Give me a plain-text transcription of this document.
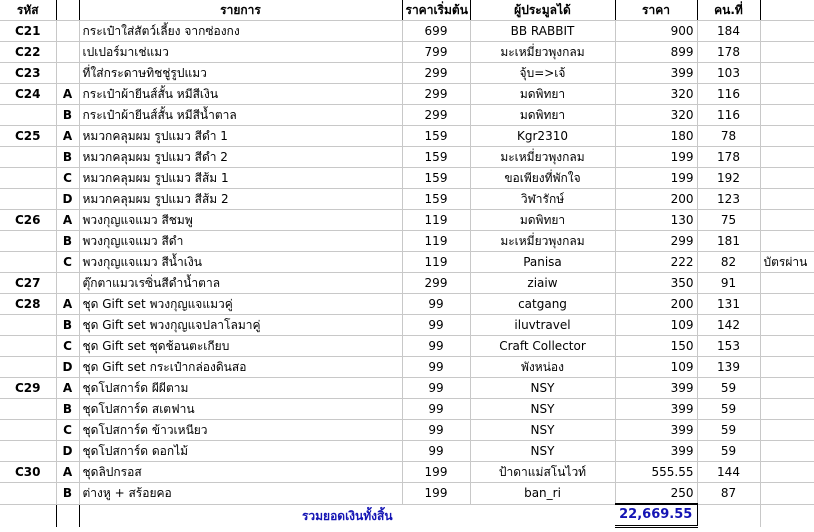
รหัส		รายการ	ราคาเริ่มต้น	ผู้ประมูลได้	ราคา	คน.ที่	
C21		กระเป๋าใส่สัตว์เลี้ยง จากซ่องกง	699	BB RABBIT	900	184	
C22		เปเปอร์มาเช่แมว	799	มะเหมี่ยวพุงกลม	899	178	
C23		ที่ใส่กระดาษทิชชู่รูปแมว	299	จุ้บ=>เจ้	399	103	
C24	A	กระเป๋าผ้ายีนส์สั้น หมีสีเงิน	299	มดพิทยา	320	116	
	B	กระเป๋าผ้ายีนส์สั้น หมีสีน้ำตาล	299	มดพิทยา	320	116	
C25	A	หมวกคลุมผม รูปแมว สีดำ 1	159	Kgr2310	180	78	
	B	หมวกคลุมผม รูปแมว สีดำ 2	159	มะเหมี่ยวพุงกลม	199	178	
	C	หมวกคลุมผม รูปแมว สีส้ม 1	159	ขอเพียงที่พักใจ	199	192	
	D	หมวกคลุมผม รูปแมว สีส้ม 2	159	วิฬารักษ์	200	123	
C26	A	พวงกุญแจแมว สีชมพู	119	มดพิทยา	130	75	
	B	พวงกุญแจแมว สีดำ	119	มะเหมี่ยวพุงกลม	299	181	
	C	พวงกุญแจแมว สีน้ำเงิน	119	Panisa	222	82	บัตรผ่าน
C27		ตุ๊กตาแมวเรซิ่นสีดำน้ำตาล	299	ziaiw	350	91	
C28	A	ชุด Gift set พวงกุญแจแมวคู่	99	catgang	200	131	
	B	ชุด Gift set พวงกุญแจปลาโลมาคู่	99	iluvtravel	109	142	
	C	ชุด Gift set ชุดช้อนตะเกียบ	99	Craft Collector	150	153	
	D	ชุด Gift set กระเป๋ากล่องดินสอ	99	พังหน่อง	109	139	
C29	A	ชุดโปสการ์ด ผีผีตาม	99	NSY	399	59	
	B	ชุดโปสการ์ด สเตฟาน	99	NSY	399	59	
	C	ชุดโปสการ์ด ข้าวเหนียว	99	NSY	399	59	
	D	ชุดโปสการ์ด ดอกไม้	99	NSY	399	59	
C30	A	ชุดลิปกรอส	199	ป้าดาแม่สโนไวท์	555.55	144	
	B	ต่างหู + สร้อยคอ	199	ban_ri	250	87	
		รวมยอดเงินทั้งสิ้น			22,669.55		
